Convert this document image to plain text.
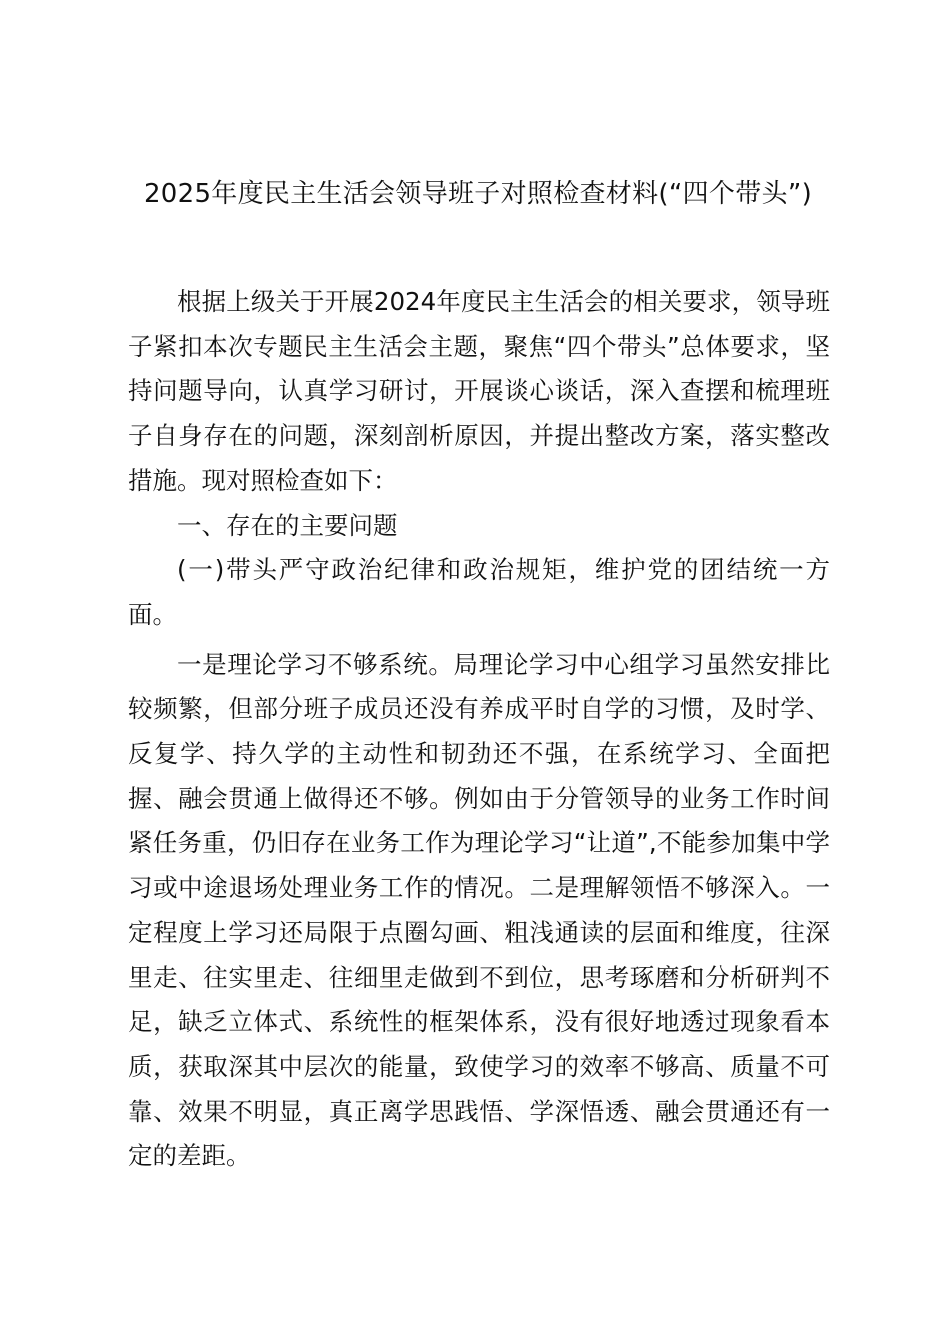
2025年度民主生活会领导班子对照检查材料(“四个带头”)

根据上级关于开展2024年度民主生活会的相关要求，领导班子紧扣本次专题民主生活会主题，聚焦“四个带头”总体要求，坚持问题导向，认真学习研讨，开展谈心谈话，深入查摆和梳理班子自身存在的问题，深刻剖析原因，并提出整改方案，落实整改措施。现对照检查如下：

一、存在的主要问题

(一)带头严守政治纪律和政治规矩，维护党的团结统一方面。

一是理论学习不够系统。局理论学习中心组学习虽然安排比较频繁，但部分班子成员还没有养成平时自学的习惯，及时学、反复学、持久学的主动性和韧劲还不强，在系统学习、全面把握、融会贯通上做得还不够。例如由于分管领导的业务工作时间紧任务重，仍旧存在业务工作为理论学习“让道”,不能参加集中学习或中途退场处理业务工作的情况。二是理解领悟不够深入。一定程度上学习还局限于点圈勾画、粗浅通读的层面和维度，往深里走、往实里走、往细里走做到不到位，思考琢磨和分析研判不足，缺乏立体式、系统性的框架体系，没有很好地透过现象看本质，获取深其中层次的能量，致使学习的效率不够高、质量不可靠、效果不明显，真正离学思践悟、学深悟透、融会贯通还有一定的差距。
